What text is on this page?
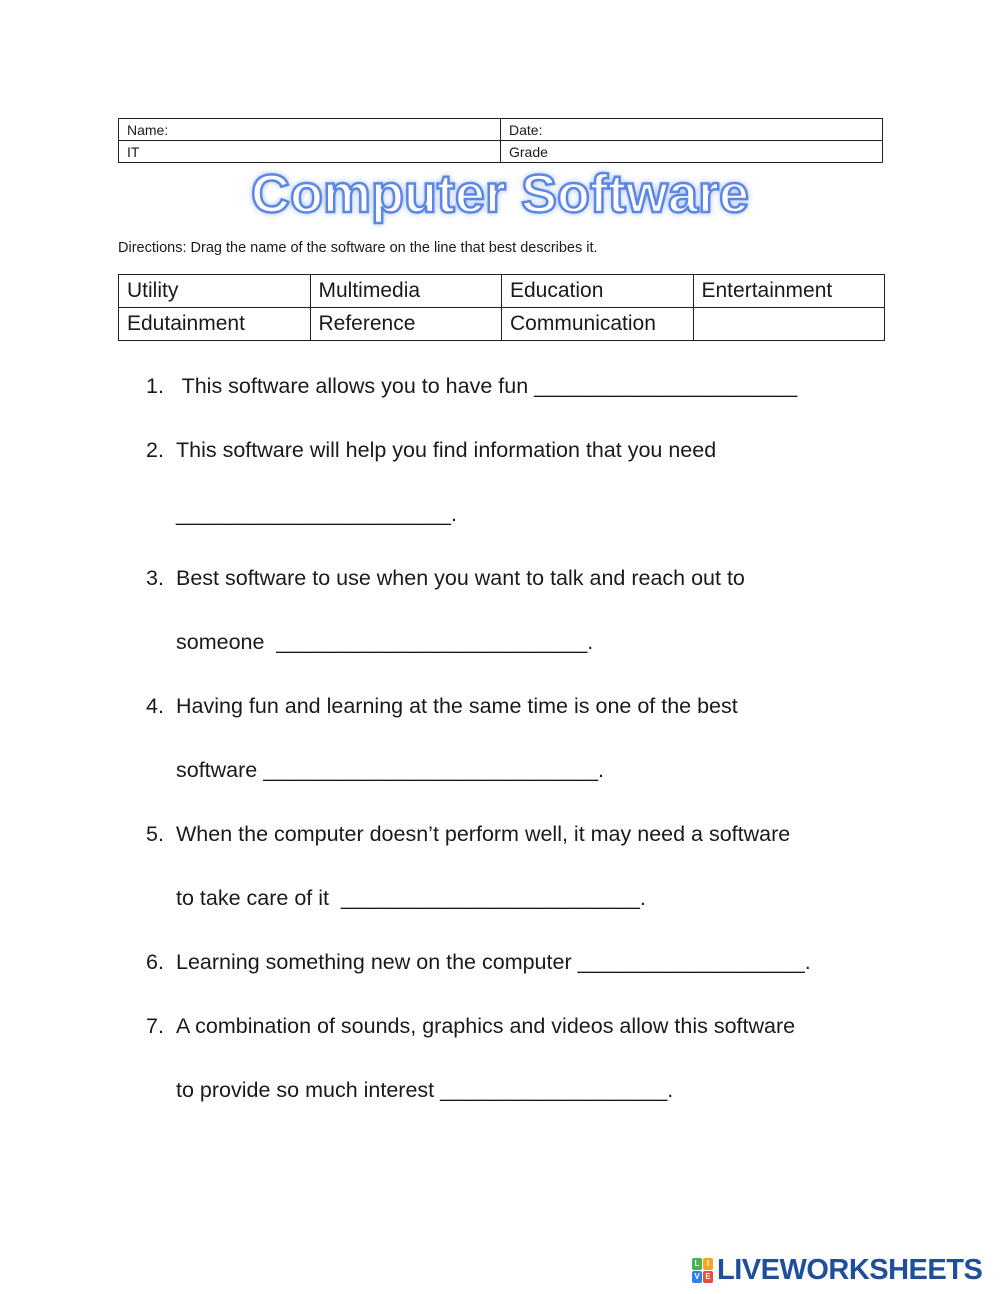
Name:	Date:
IT	Grade
Computer Software
Directions: Drag the name of the software on the line that best describes it.
Utility	Multimedia	Education	Entertainment
Edutainment	Reference	Communication	
1. This software allows you to have fun ______________________
2. This software will help you find information that you need
_______________________.
3. Best software to use when you want to talk and reach out to
someone  __________________________.
4. Having fun and learning at the same time is one of the best
software ____________________________.
5. When the computer doesn’t perform well, it may need a software
to take care of it  _________________________.
6. Learning something new on the computer ___________________.
7. A combination of sounds, graphics and videos allow this software
to provide so much interest ___________________.
L I
V E LIVEWORKSHEETS
